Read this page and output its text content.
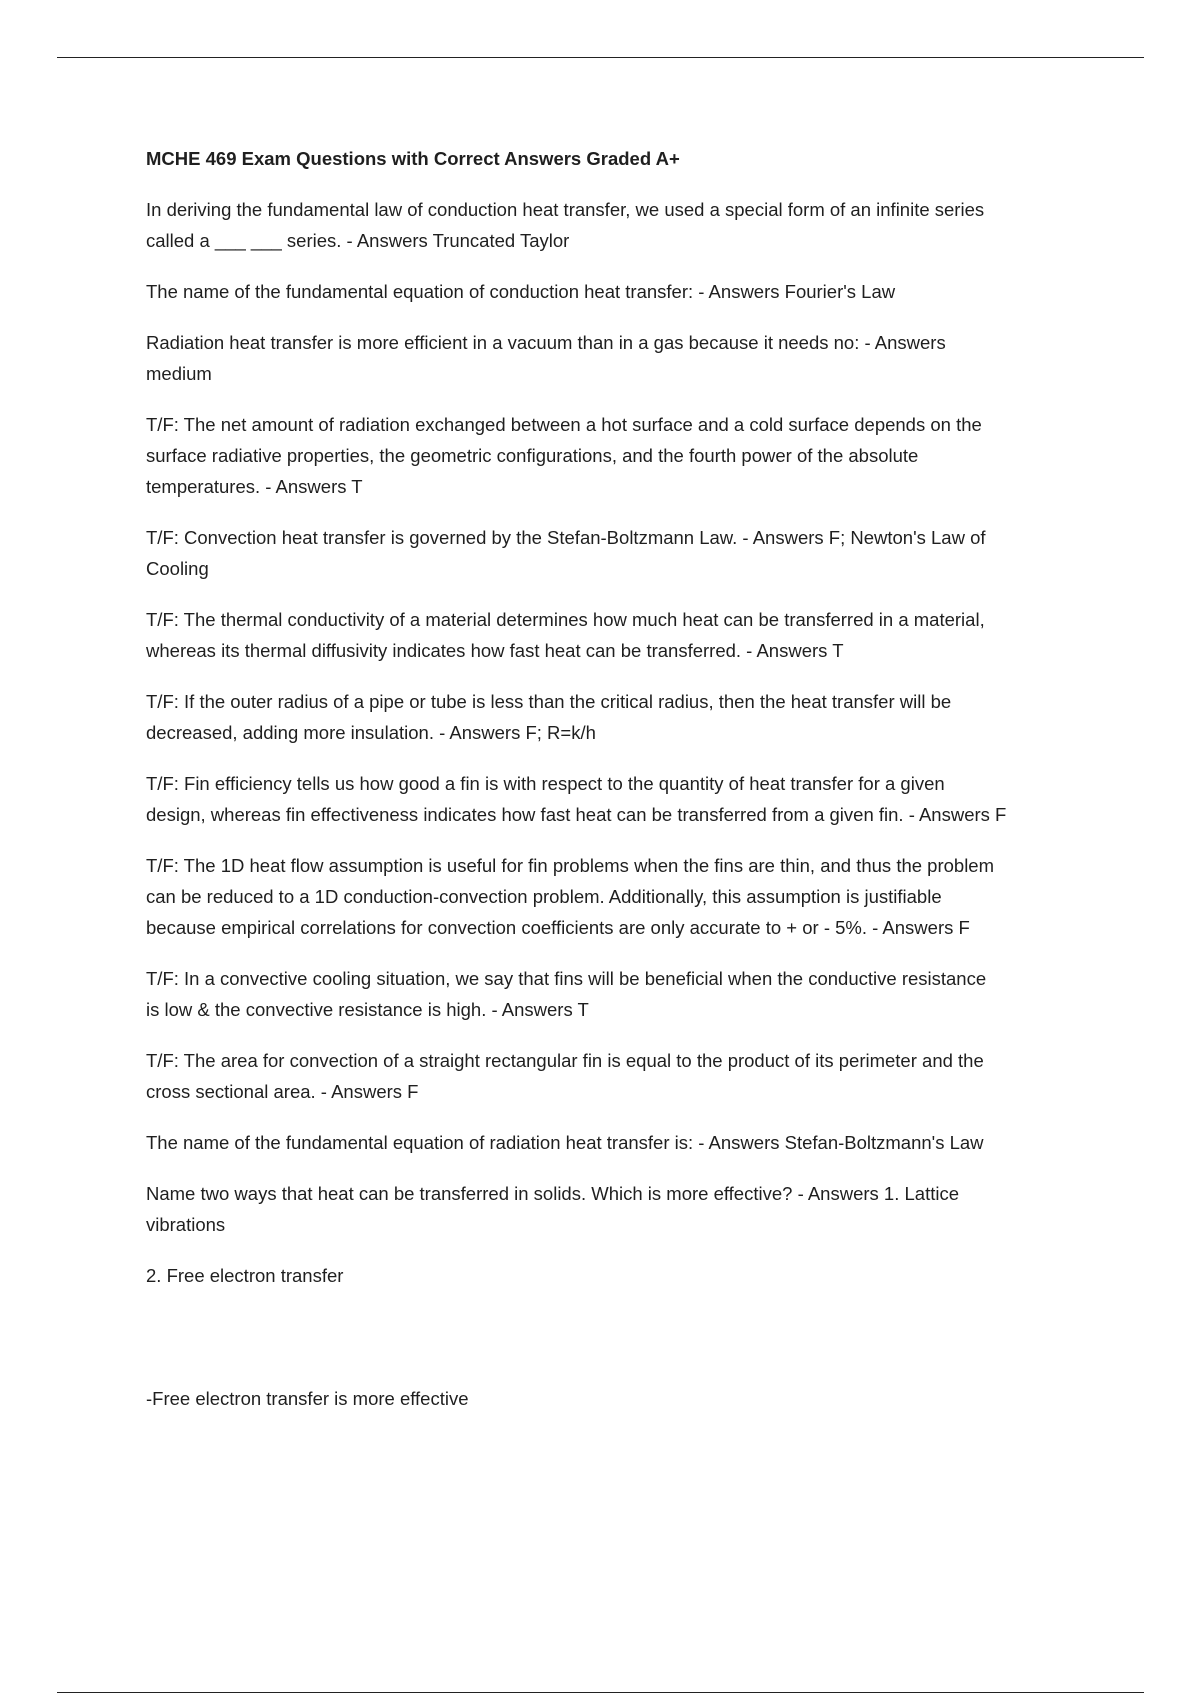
MCHE 469 Exam Questions with Correct Answers Graded A+
In deriving the fundamental law of conduction heat transfer, we used a special form of an infinite series
called a ___ ___ series. - Answers Truncated Taylor
The name of the fundamental equation of conduction heat transfer: - Answers Fourier's Law
Radiation heat transfer is more efficient in a vacuum than in a gas because it needs no: - Answers
medium
T/F: The net amount of radiation exchanged between a hot surface and a cold surface depends on the
surface radiative properties, the geometric configurations, and the fourth power of the absolute
temperatures. - Answers T
T/F: Convection heat transfer is governed by the Stefan-Boltzmann Law. - Answers F; Newton's Law of
Cooling
T/F: The thermal conductivity of a material determines how much heat can be transferred in a material,
whereas its thermal diffusivity indicates how fast heat can be transferred. - Answers T
T/F: If the outer radius of a pipe or tube is less than the critical radius, then the heat transfer will be
decreased, adding more insulation. - Answers F; R=k/h
T/F: Fin efficiency tells us how good a fin is with respect to the quantity of heat transfer for a given
design, whereas fin effectiveness indicates how fast heat can be transferred from a given fin. - Answers F
T/F: The 1D heat flow assumption is useful for fin problems when the fins are thin, and thus the problem
can be reduced to a 1D conduction-convection problem. Additionally, this assumption is justifiable
because empirical correlations for convection coefficients are only accurate to + or - 5%. - Answers F
T/F: In a convective cooling situation, we say that fins will be beneficial when the conductive resistance
is low & the convective resistance is high. - Answers T
T/F: The area for convection of a straight rectangular fin is equal to the product of its perimeter and the
cross sectional area. - Answers F
The name of the fundamental equation of radiation heat transfer is: - Answers Stefan-Boltzmann's Law
Name two ways that heat can be transferred in solids. Which is more effective? - Answers 1. Lattice
vibrations
2. Free electron transfer
-Free electron transfer is more effective
